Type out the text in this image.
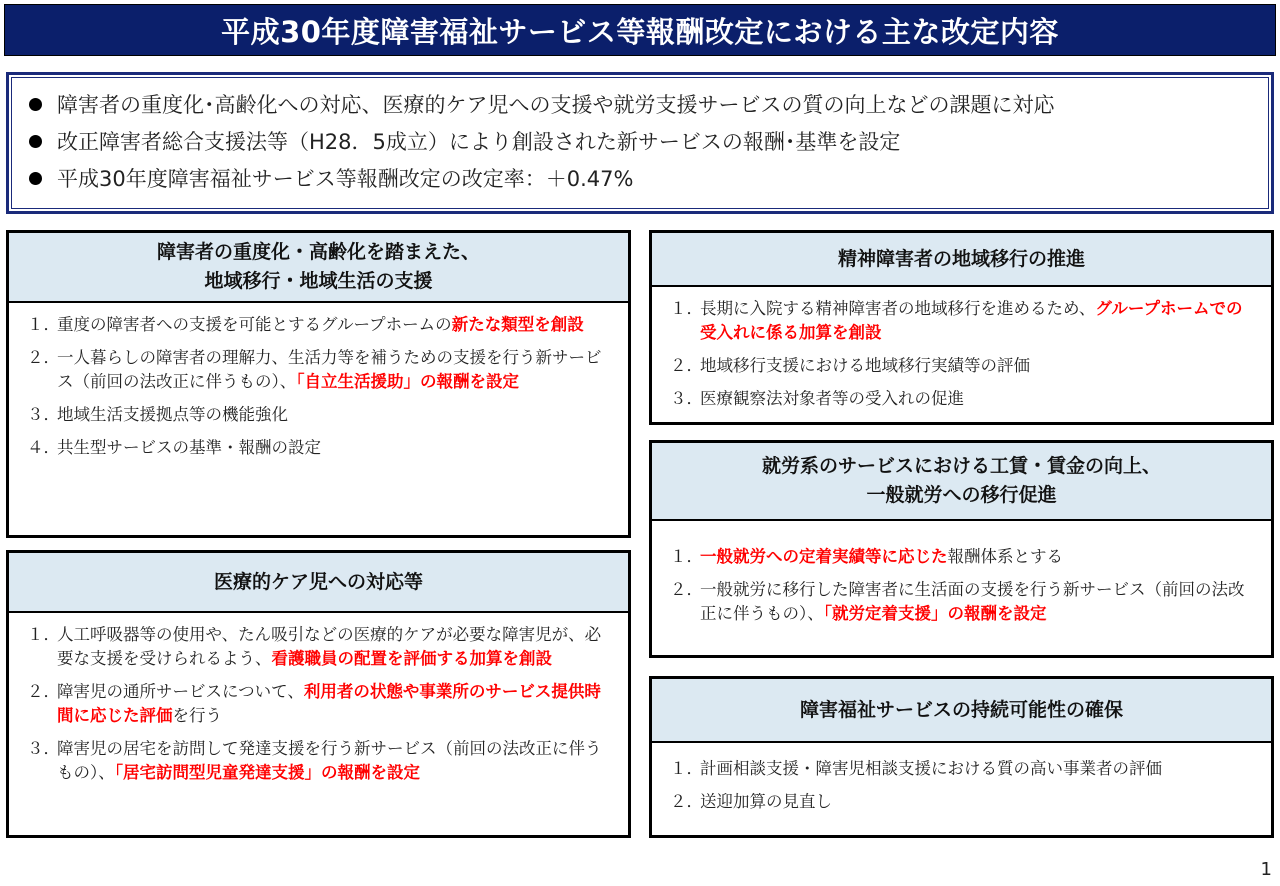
平成30年度障害福祉サービス等報酬改定における主な改定内容
障害者の重度化･高齢化への対応、医療的ケア児への支援や就労支援サービスの質の向上などの課題に対応
改正障害者総合支援法等（H28．5成立）により創設された新サービスの報酬･基準を設定
平成30年度障害福祉サービス等報酬改定の改定率：＋0.47%
障害者の重度化・高齢化を踏まえた、
地域移行・地域生活の支援
１．
重度の障害者への支援を可能とするグループホームの新たな類型を創設
２．
一人暮らしの障害者の理解力、生活力等を補うための支援を行う新サービス（前回の法改正に伴うもの）、「自立生活援助」の報酬を設定
３．
地域生活支援拠点等の機能強化
４．
共生型サービスの基準・報酬の設定
医療的ケア児への対応等
１．
人工呼吸器等の使用や、たん吸引などの医療的ケアが必要な障害児が、必要な支援を受けられるよう、看護職員の配置を評価する加算を創設
２．
障害児の通所サービスについて、利用者の状態や事業所のサービス提供時間に応じた評価を行う
３．
障害児の居宅を訪問して発達支援を行う新サービス（前回の法改正に伴うもの）、「居宅訪問型児童発達支援」の報酬を設定
精神障害者の地域移行の推進
１．
長期に入院する精神障害者の地域移行を進めるため、グループホームでの受入れに係る加算を創設
２．
地域移行支援における地域移行実績等の評価
３．
医療観察法対象者等の受入れの促進
就労系のサービスにおける工賃・賃金の向上、
一般就労への移行促進
１．
一般就労への定着実績等に応じた報酬体系とする
２．
一般就労に移行した障害者に生活面の支援を行う新サービス（前回の法改正に伴うもの）、「就労定着支援」の報酬を設定
障害福祉サービスの持続可能性の確保
１．
計画相談支援・障害児相談支援における質の高い事業者の評価
２．
送迎加算の見直し
1
